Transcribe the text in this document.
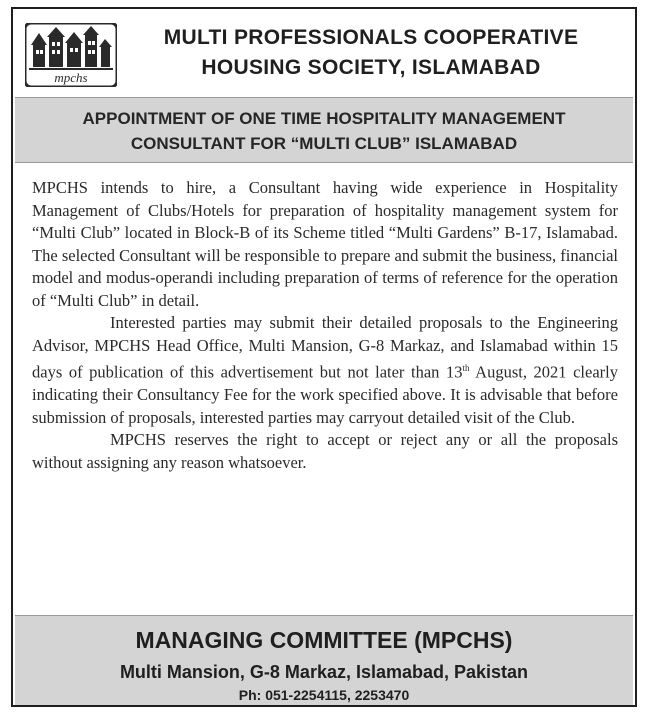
mpchs
MULTI PROFESSIONALS COOPERATIVE
HOUSING SOCIETY, ISLAMABAD
APPOINTMENT OF ONE TIME HOSPITALITY MANAGEMENT
CONSULTANT FOR “MULTI CLUB” ISLAMABAD

MPCHS intends to hire, a Consultant having wide experience in Hospitality Management of Clubs/Hotels for preparation of hospitality management system for “Multi Club” located in Block-B of its Scheme titled “Multi Gardens” B-17, Islamabad. The selected Consultant will be responsible to prepare and submit the business, financial model and modus-operandi including preparation of terms of reference for the operation of “Multi Club” in detail.

Interested parties may submit their detailed proposals to the Engineering Advisor, MPCHS Head Office, Multi Mansion, G-8 Markaz, and Islamabad within 15 days of publication of this advertisement but not later than 13th August, 2021 clearly indicating their Consultancy Fee for the work specified above. It is advisable that before submission of proposals, interested parties may carryout detailed visit of the Club.

MPCHS reserves the right to accept or reject any or all the proposals without assigning any reason whatsoever.

MANAGING COMMITTEE (MPCHS)
Multi Mansion, G-8 Markaz, Islamabad, Pakistan
Ph: 051-2254115, 2253470
